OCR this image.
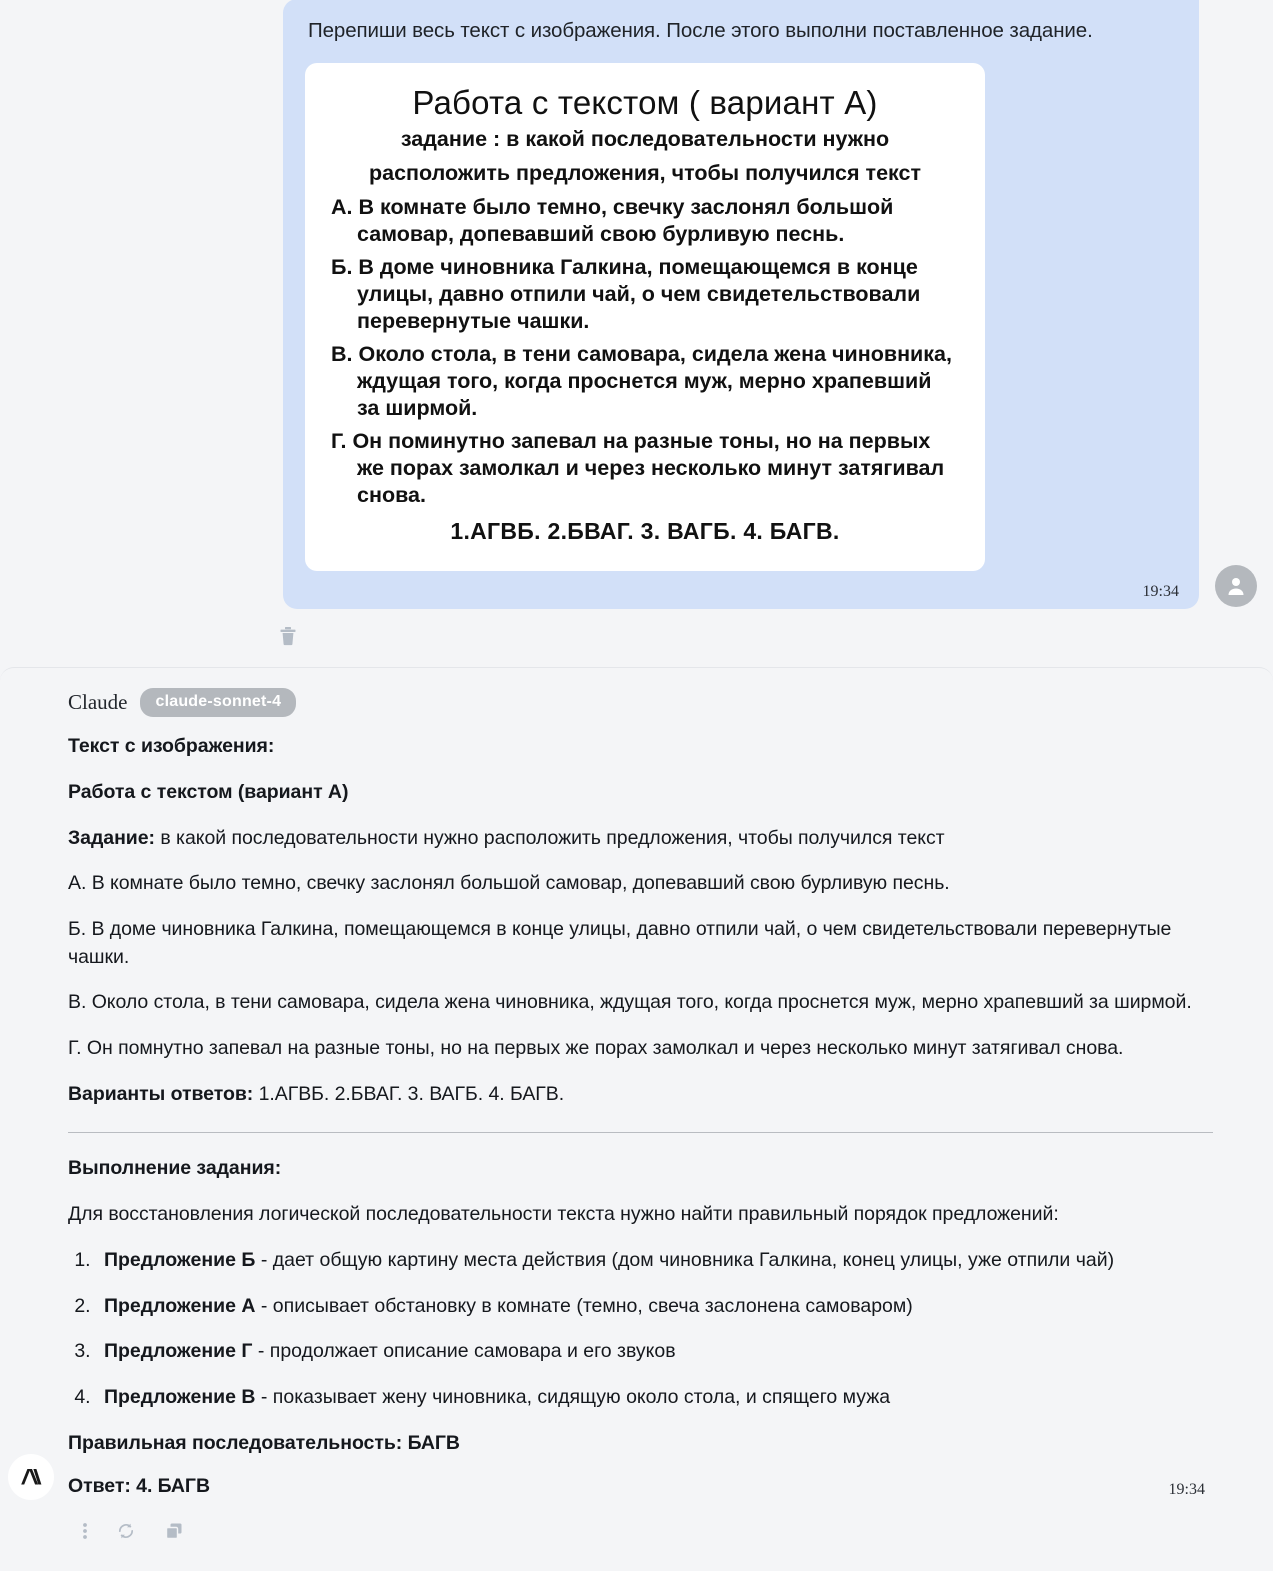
Перепиши весь текст с изображения. После этого выполни поставленное задание.
Работа с текстом ( вариант А)
задание : в какой последовательности нужно
расположить предложения, чтобы получился текст
А. В комнате было темно, свечку заслонял большой самовар, допевавший свою бурливую песнь.
Б. В доме чиновника Галкина, помещающемся в конце улицы, давно отпили чай, о чем свидетельствовали перевернутые чашки.
В. Около стола, в тени самовара, сидела жена чиновника, ждущая того, когда проснется муж, мерно храпевший за ширмой.
Г. Он поминутно запевал на разные тоны, но на первых же порах замолкал и через несколько минут затягивал снова.
1.АГВБ. 2.БВАГ. 3. ВАГБ. 4. БАГВ.
19:34
Claude	claude-sonnet-4

Текст с изображения:

Работа с текстом (вариант А)

Задание: в какой последовательности нужно расположить предложения, чтобы получился текст

А. В комнате было темно, свечку заслонял большой самовар, допевавший свою бурливую песнь.

Б. В доме чиновника Галкина, помещающемся в конце улицы, давно отпили чай, о чем свидетельствовали перевернутые чашки.

В. Около стола, в тени самовара, сидела жена чиновника, ждущая того, когда проснется муж, мерно храпевший за ширмой.

Г. Он помнутно запевал на разные тоны, но на первых же порах замолкал и через несколько минут затягивал снова.

Варианты ответов: 1.АГВБ. 2.БВАГ. 3. ВАГБ. 4. БАГВ.

Выполнение задания:

Для восстановления логической последовательности текста нужно найти правильный порядок предложений:

1. Предложение Б - дает общую картину места действия (дом чиновника Галкина, конец улицы, уже отпили чай)
2. Предложение А - описывает обстановку в комнате (темно, свеча заслонена самоваром)
3. Предложение Г - продолжает описание самовара и его звуков
4. Предложение В - показывает жену чиновника, сидящую около стола, и спящего мужа

Правильная последовательность: БАГВ

Ответ: 4. БАГВ	19:34
